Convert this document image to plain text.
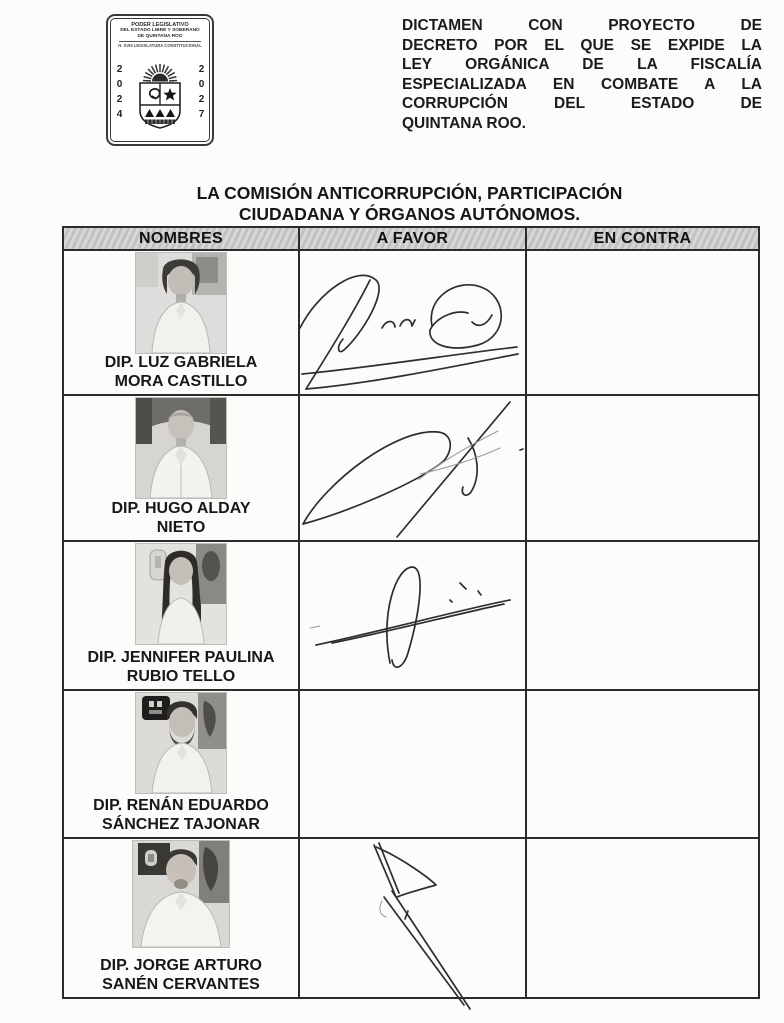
PODER LEGISLATIVO
DEL ESTADO LIBRE Y SOBERANO
DE QUINTANA ROO
H. XVIII LEGISLATURA CONSTITUCIONAL
2024	2027
DICTAMEN CON PROYECTO DE
DECRETO POR EL QUE SE EXPIDE LA
LEY ORGÁNICA DE LA FISCALÍA
ESPECIALIZADA EN COMBATE A LA
CORRUPCIÓN DEL ESTADO DE
QUINTANA ROO.
LA COMISIÓN ANTICORRUPCIÓN, PARTICIPACIÓN
CIUDADANA Y ÓRGANOS AUTÓNOMOS.
NOMBRES	A FAVOR	EN CONTRA

DIP. LUZ GABRIELA
MORA CASTILLO

DIP. HUGO ALDAY
NIETO

DIP. JENNIFER PAULINA
RUBIO TELLO

DIP. RENÁN EDUARDO
SÁNCHEZ TAJONAR		

DIP. JORGE ARTURO
SANÉN CERVANTES
